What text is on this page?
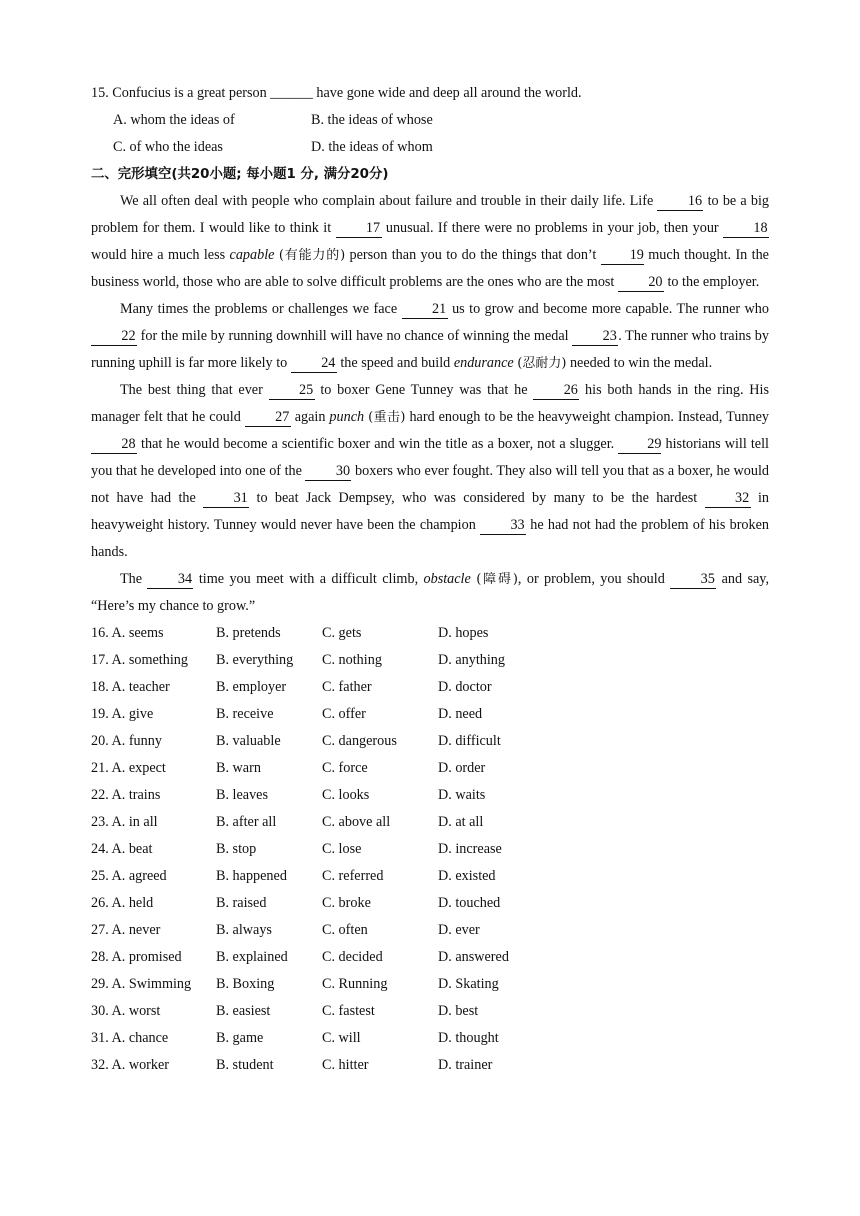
15. Confucius is a great person ______ have gone wide and deep all around the world.
A. whom the ideas of	B. the ideas of whose
C. of who the ideas	D. the ideas of whom
二、完形填空(共20小题; 每小题1 分, 满分20分)

We all often deal with people who complain about failure and trouble in their daily life. Life 16 to be a big problem for them. I would like to think it 17 unusual. If there were no problems in your job, then your 18 would hire a much less capable (有能力的) person than you to do the things that don’t 19 much thought. In the business world, those who are able to solve difficult problems are the ones who are the most 20 to the employer.

Many times the problems or challenges we face 21 us to grow and become more capable. The runner who 22 for the mile by running downhill will have no chance of winning the medal 23. The runner who trains by running uphill is far more likely to 24 the speed and build endurance (忍耐力) needed to win the medal.

The best thing that ever 25 to boxer Gene Tunney was that he 26 his both hands in the ring. His manager felt that he could 27 again punch (重击) hard enough to be the heavyweight champion. Instead, Tunney 28 that he would become a scientific boxer and win the title as a boxer, not a slugger. 29 historians will tell you that he developed into one of the 30 boxers who ever fought. They also will tell you that as a boxer, he would not have had the 31 to beat Jack Dempsey, who was considered by many to be the hardest 32 in heavyweight history. Tunney would never have been the champion 33 he had not had the problem of his broken hands.

The 34 time you meet with a difficult climb, obstacle (障碍), or problem, you should 35 and say, “Here’s my chance to grow.”

16. A. seems	B. pretends	C. gets	D. hopes
17. A. something B. everything C. nothing	D. anything
18. A. teacher	B. employer	C. father	D. doctor
19. A. give	B. receive	C. offer	D. need
20. A. funny	B. valuable	C. dangerous	D. difficult
21. A. expect	B. warn	C. force	D. order
22. A. trains	B. leaves	C. looks	D. waits
23. A. in all	B. after all	C. above all	D. at all
24. A. beat	B. stop	C. lose	D. increase
25. A. agreed	B. happened C. referred	D. existed
26. A. held	B. raised	C. broke	D. touched
27. A. never	B. always	C. often	D. ever
28. A. promised B. explained C. decided	D. answered
29. A. Swimming B. Boxing	C. Running	D. Skating
30. A. worst	B. easiest	C. fastest	D. best
31. A. chance	B. game	C. will	D. thought
32. A. worker	B. student	C. hitter	D. trainer
